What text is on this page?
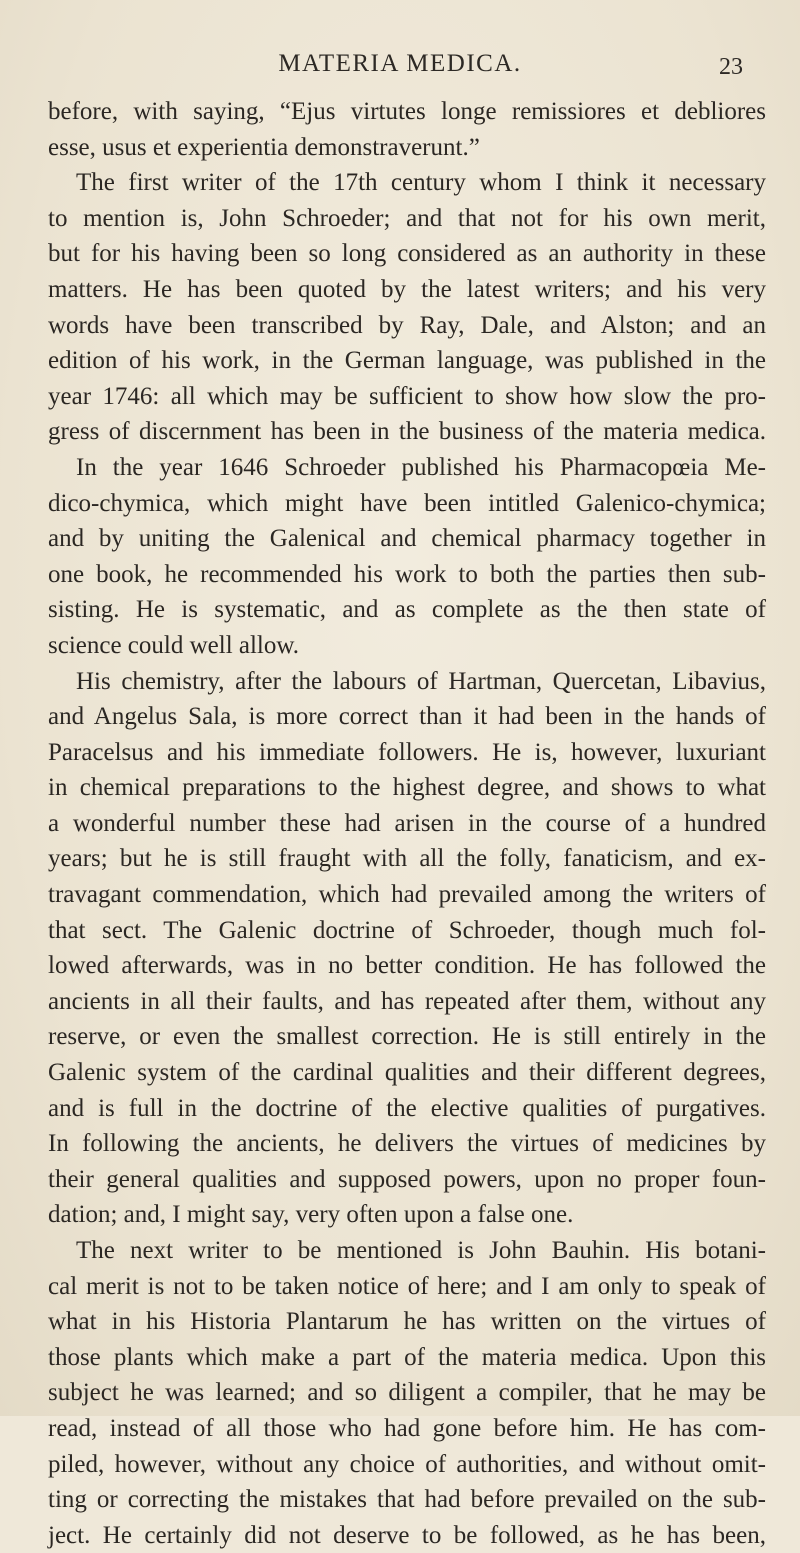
MATERIA MEDICA.	23

before, with saying, “Ejus virtutes longe remissiores et debliores

esse, usus et experientia demonstraverunt.”

The first writer of the 17th century whom I think it necessary

to mention is, John Schroeder; and that not for his own merit,

but for his having been so long considered as an authority in these

matters. He has been quoted by the latest writers; and his very

words have been transcribed by Ray, Dale, and Alston; and an

edition of his work, in the German language, was published in the

year 1746: all which may be sufficient to show how slow the pro-

gress of discernment has been in the business of the materia medica.

In the year 1646 Schroeder published his Pharmacopœia Me-

dico-chymica, which might have been intitled Galenico-chymica;

and by uniting the Galenical and chemical pharmacy together in

one book, he recommended his work to both the parties then sub-

sisting. He is systematic, and as complete as the then state of

science could well allow.

His chemistry, after the labours of Hartman, Quercetan, Libavius,

and Angelus Sala, is more correct than it had been in the hands of

Paracelsus and his immediate followers. He is, however, luxuriant

in chemical preparations to the highest degree, and shows to what

a wonderful number these had arisen in the course of a hundred

years; but he is still fraught with all the folly, fanaticism, and ex-

travagant commendation, which had prevailed among the writers of

that sect. The Galenic doctrine of Schroeder, though much fol-

lowed afterwards, was in no better condition. He has followed the

ancients in all their faults, and has repeated after them, without any

reserve, or even the smallest correction. He is still entirely in the

Galenic system of the cardinal qualities and their different degrees,

and is full in the doctrine of the elective qualities of purgatives.

In following the ancients, he delivers the virtues of medicines by

their general qualities and supposed powers, upon no proper foun-

dation; and, I might say, very often upon a false one.

The next writer to be mentioned is John Bauhin. His botani-

cal merit is not to be taken notice of here; and I am only to speak of

what in his Historia Plantarum he has written on the virtues of

those plants which make a part of the materia medica. Upon this

subject he was learned; and so diligent a compiler, that he may be

read, instead of all those who had gone before him. He has com-

piled, however, without any choice of authorities, and without omit-

ting or correcting the mistakes that had before prevailed on the sub-

ject. He certainly did not deserve to be followed, as he has been,
